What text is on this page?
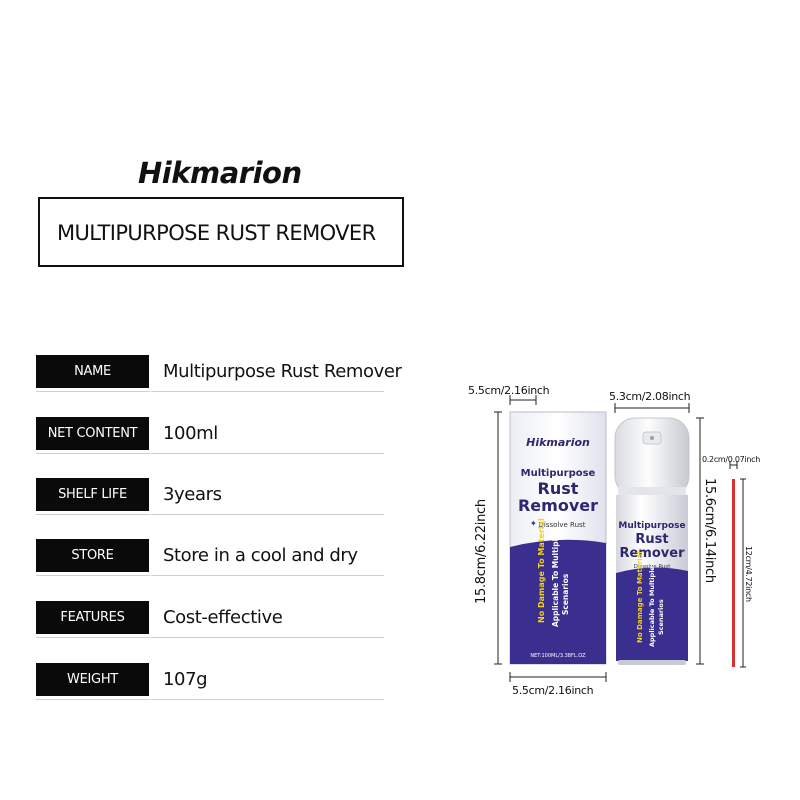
Hikmarion
MULTIPURPOSE RUST REMOVER
NAME	Multipurpose Rust Remover
NET CONTENT	100ml
SHELF LIFE	3years
STORE	Store in a cool and dry
FEATURES	Cost-effective
WEIGHT	107g
Hikmarion
Multipurpose
Rust
Remover
Dissolve Rust
✦ No Damage To Material Applicable To Multiple Scenarios
NET:100ML/3.38FL.OZ
Multipurpose
Rust
Remover
Dissolve Rust
No Damage To Material Applicable To Multiple Scenarios
5.5cm/2.16inch
5.5cm/2.16inch
5.3cm/2.08inch
0.2cm/0.07inch
15.8cm/6.22inch	15.6cm/6.14inch	12cm/4.72inch
